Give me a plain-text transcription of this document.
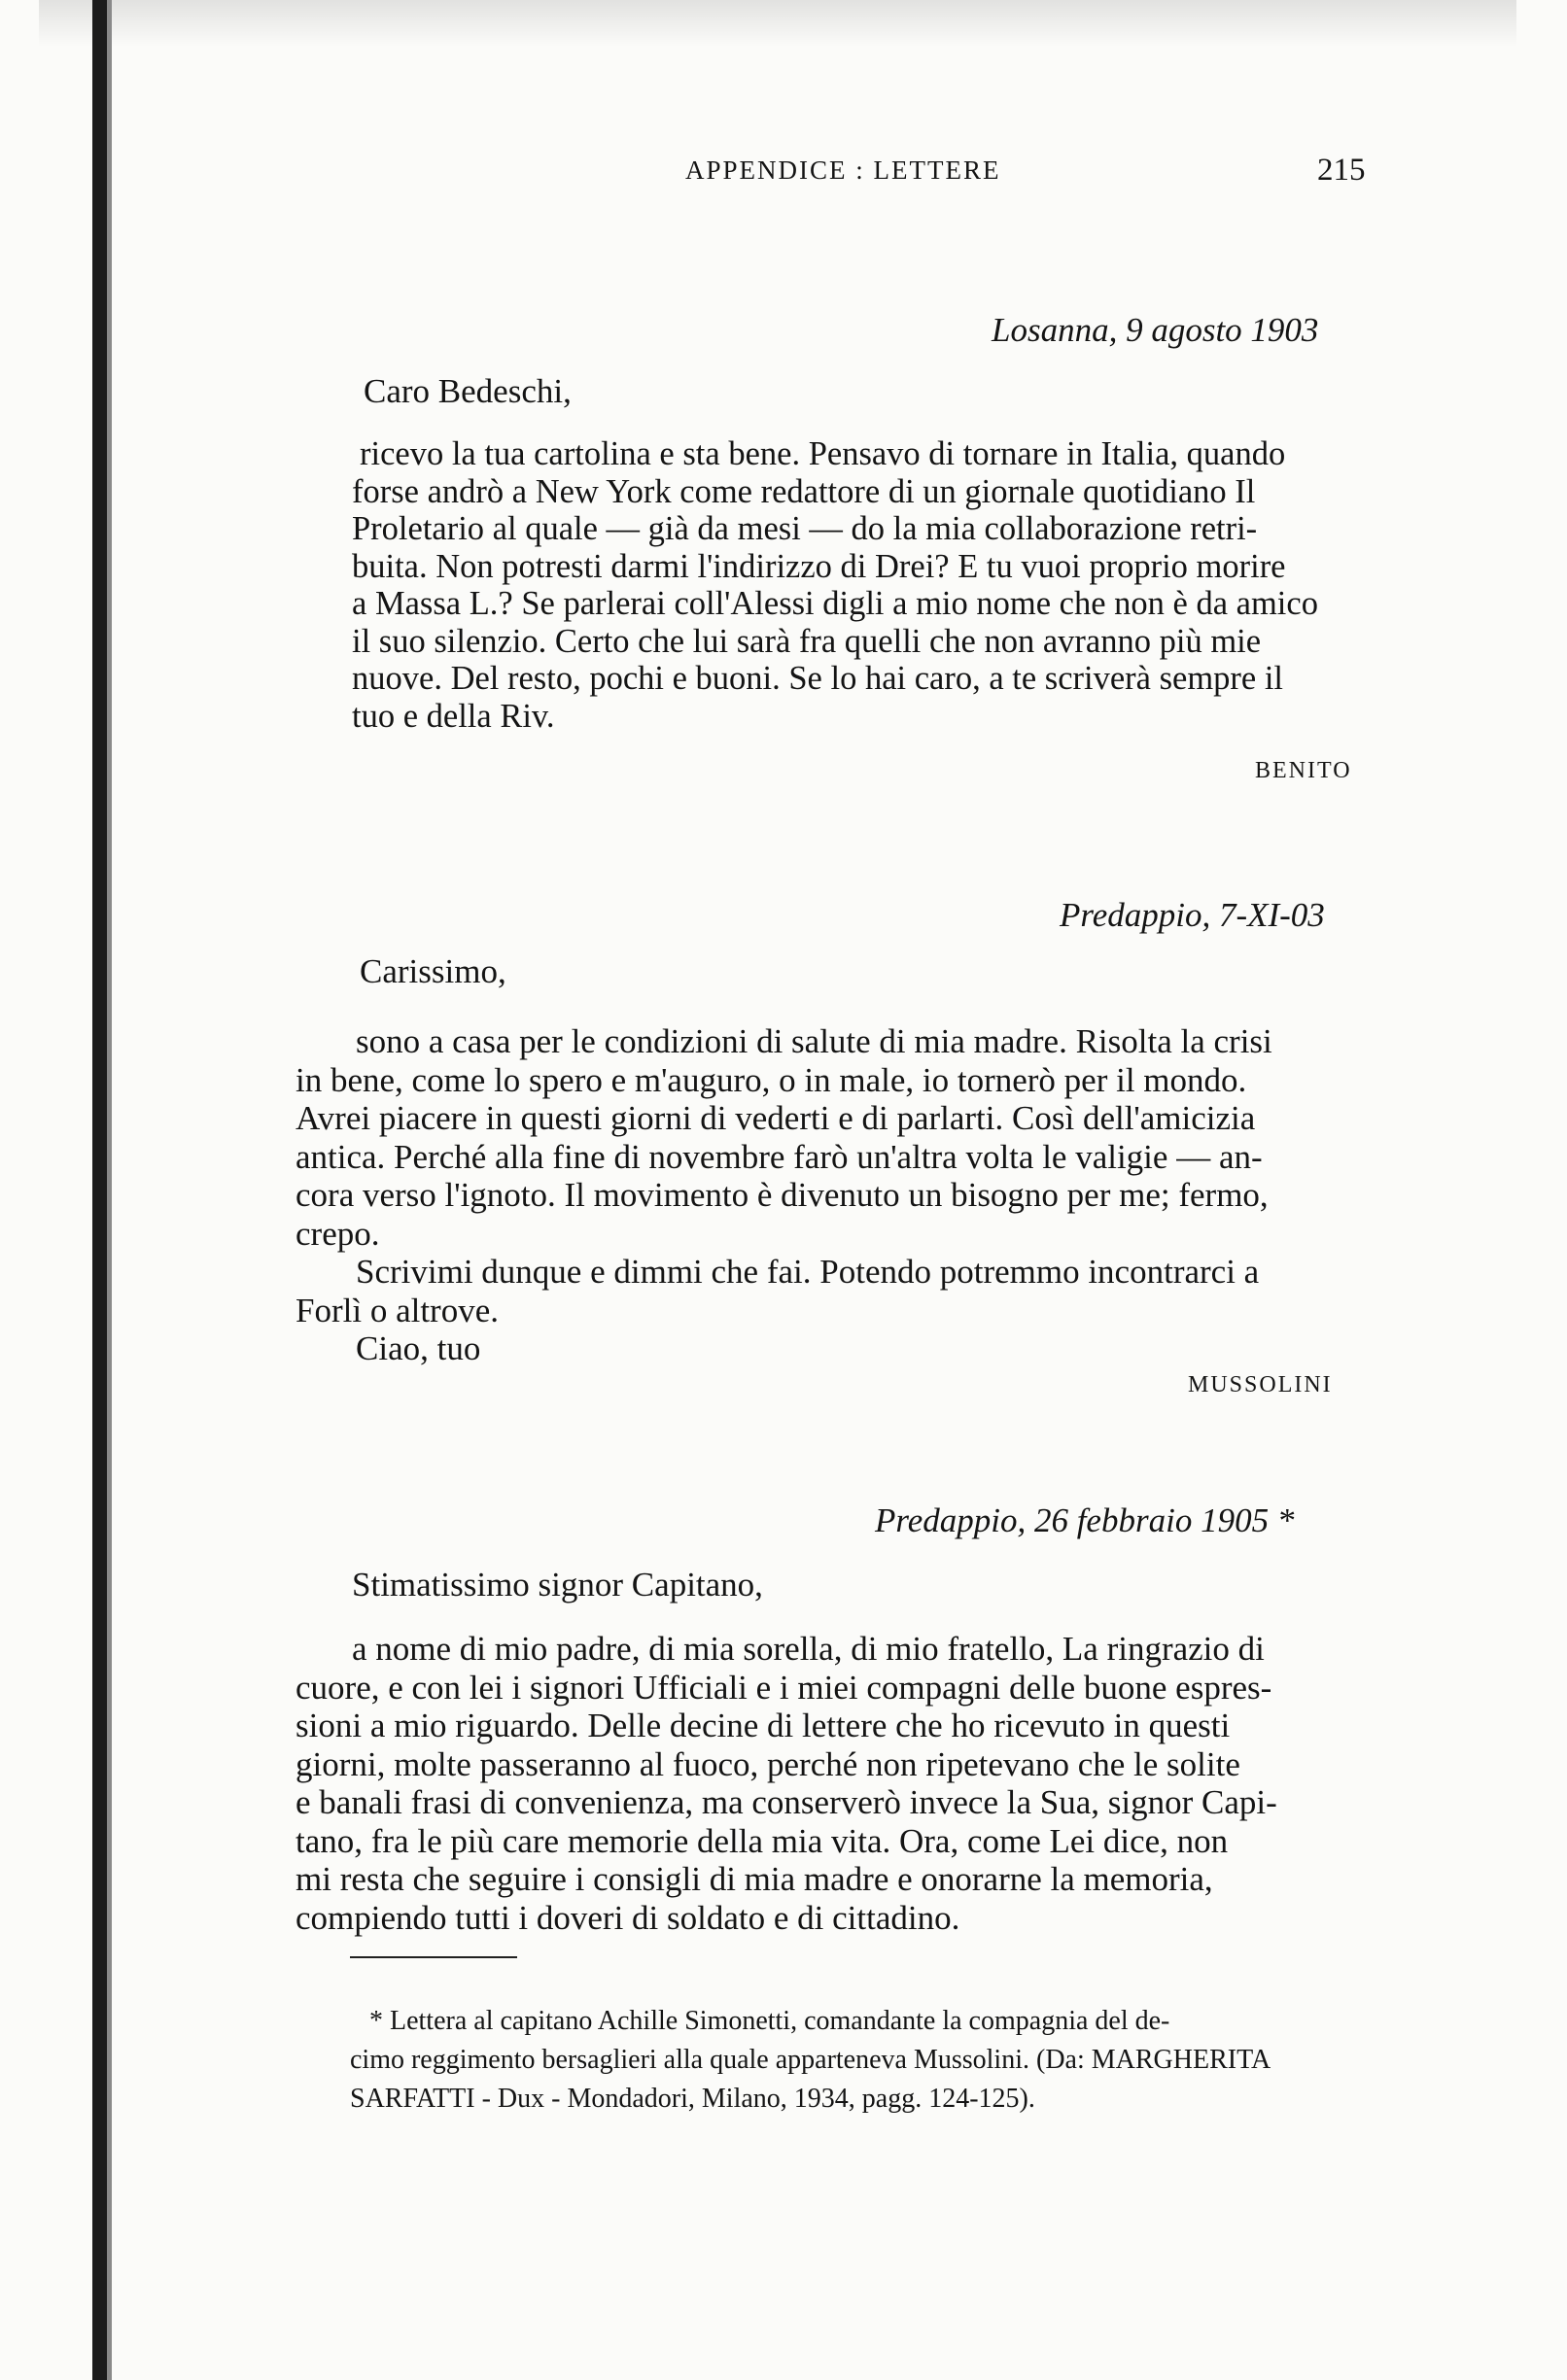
APPENDICE : LETTERE	215
Losanna, 9 agosto 1903
Caro Bedeschi,
ricevo la tua cartolina e sta bene. Pensavo di tornare in Italia, quando
forse andrò a New York come redattore di un giornale quotidiano Il
Proletario al quale — già da mesi — do la mia collaborazione retri-
buita. Non potresti darmi l'indirizzo di Drei? E tu vuoi proprio morire
a Massa L.? Se parlerai coll'Alessi digli a mio nome che non è da amico
il suo silenzio. Certo che lui sarà fra quelli che non avranno più mie
nuove. Del resto, pochi e buoni. Se lo hai caro, a te scriverà sempre il
tuo e della Riv.
BENITO
Predappio, 7-XI-03
Carissimo,
sono a casa per le condizioni di salute di mia madre. Risolta la crisi
in bene, come lo spero e m'auguro, o in male, io tornerò per il mondo.
Avrei piacere in questi giorni di vederti e di parlarti. Così dell'amicizia
antica. Perché alla fine di novembre farò un'altra volta le valigie — an-
cora verso l'ignoto. Il movimento è divenuto un bisogno per me; fermo,
crepo.
Scrivimi dunque e dimmi che fai. Potendo potremmo incontrarci a
Forlì o altrove.
Ciao, tuo
MUSSOLINI
Predappio, 26 febbraio 1905 *
Stimatissimo signor Capitano,
a nome di mio padre, di mia sorella, di mio fratello, La ringrazio di
cuore, e con lei i signori Ufficiali e i miei compagni delle buone espres-
sioni a mio riguardo. Delle decine di lettere che ho ricevuto in questi
giorni, molte passeranno al fuoco, perché non ripetevano che le solite
e banali frasi di convenienza, ma conserverò invece la Sua, signor Capi-
tano, fra le più care memorie della mia vita. Ora, come Lei dice, non
mi resta che seguire i consigli di mia madre e onorarne la memoria,
compiendo tutti i doveri di soldato e di cittadino.
* Lettera al capitano Achille Simonetti, comandante la compagnia del de-
cimo reggimento bersaglieri alla quale apparteneva Mussolini. (Da: MARGHERITA
SARFATTI - Dux - Mondadori, Milano, 1934, pagg. 124-125).
